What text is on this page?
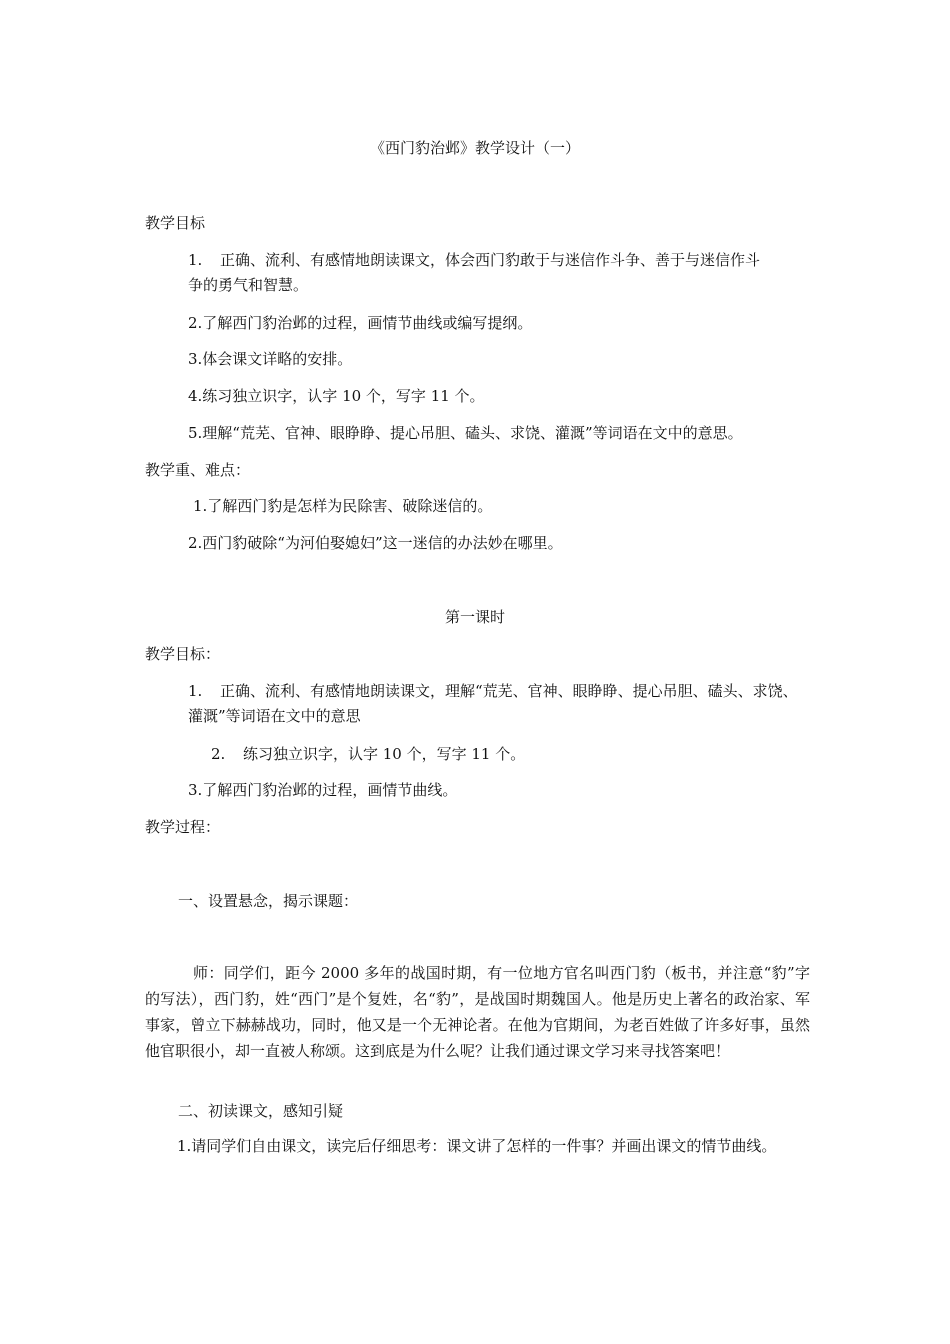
《西门豹治邺》教学设计（一）
教学目标
1. 正确、流利、有感情地朗读课文，体会西门豹敢于与迷信作斗争、善于与迷信作斗
争的勇气和智慧。
2.了解西门豹治邺的过程，画情节曲线或编写提纲。
3.体会课文详略的安排。
4.练习独立识字，认字 10 个，写字 11 个。
5.理解“荒芜、官神、眼睁睁、提心吊胆、磕头、求饶、灌溉”等词语在文中的意思。
教学重、难点：
1.了解西门豹是怎样为民除害、破除迷信的。
2.西门豹破除“为河伯娶媳妇”这一迷信的办法妙在哪里。
第一课时
教学目标：
1. 正确、流利、有感情地朗读课文，理解“荒芜、官神、眼睁睁、提心吊胆、磕头、求饶、
灌溉”等词语在文中的意思
2. 练习独立识字，认字 10 个，写字 11 个。
3.了解西门豹治邺的过程，画情节曲线。
教学过程：
一、设置悬念，揭示课题：
师：同学们，距今 2000 多年的战国时期，有一位地方官名叫西门豹（板书，并注意“豹”字的写法），西门豹，姓“西门”是个复姓，名“豹”，是战国时期魏国人。他是历史上著名的政治家、军事家，曾立下赫赫战功，同时，他又是一个无神论者。在他为官期间，为老百姓做了许多好事，虽然他官职很小，却一直被人称颂。这到底是为什么呢？让我们通过课文学习来寻找答案吧！
二、初读课文，感知引疑
1.请同学们自由课文，读完后仔细思考：课文讲了怎样的一件事？并画出课文的情节曲线。
